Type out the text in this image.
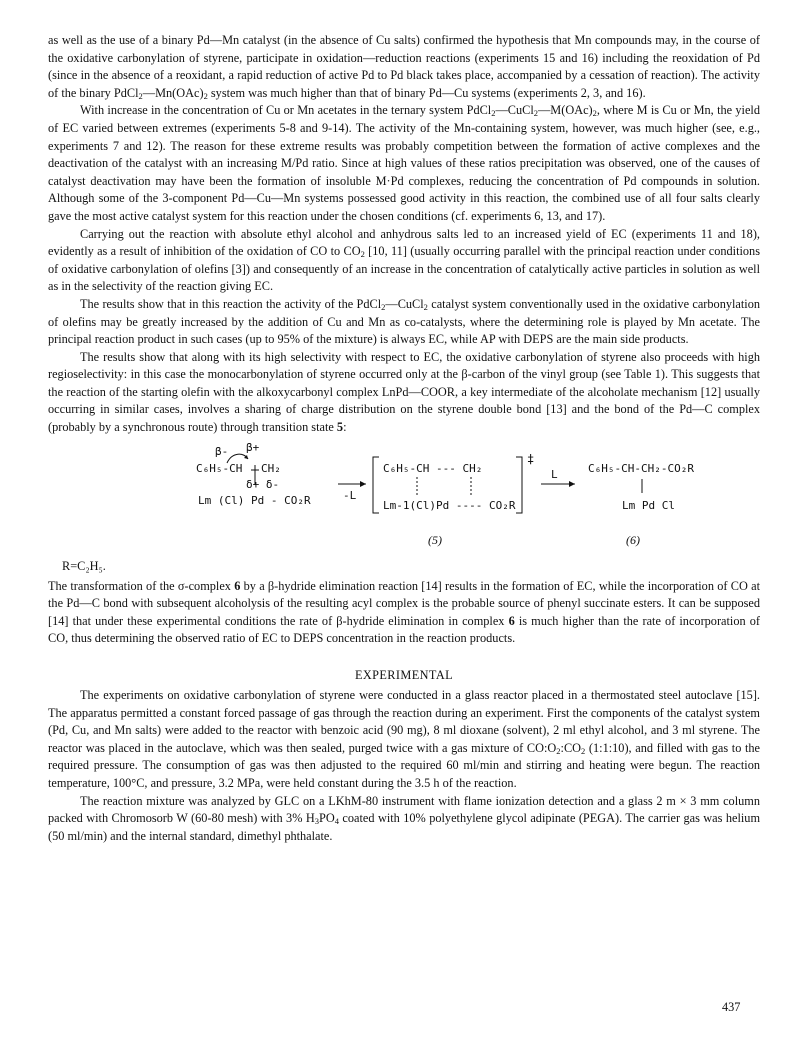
as well as the use of a binary Pd—Mn catalyst (in the absence of Cu salts) confirmed the hypothesis that Mn compounds may, in the course of the oxidative carbonylation of styrene, participate in oxidation—reduction reactions (experiments 15 and 16) including the reoxidation of Pd (since in the absence of a reoxidant, a rapid reduction of active Pd to Pd black takes place, accompanied by a cessation of reaction). The activity of the binary $PdCl_2—Mn(OAc)_2$ system was much higher than that of binary Pd—Cu systems (experiments 2, 3, and 16).

With increase in the concentration of Cu or Mn acetates in the ternary system $PdCl_2—CuCl_2—M(OAc)_2$, where M is Cu or Mn, the yield of EC varied between extremes (experiments 5-8 and 9-14). The activity of the Mn-containing system, however, was much higher (see, e.g., experiments 7 and 12). The reason for these extreme results was probably competition between the formation of active complexes and the deactivation of the catalyst with an increasing M/Pd ratio. Since at high values of these ratios precipitation was observed, one of the causes of catalyst deactivation may have been the formation of insoluble M·Pd complexes, reducing the concentration of Pd compounds in solution. Although some of the 3-component Pd—Cu—Mn systems possessed good activity in this reaction, the combined use of all four salts clearly gave the most active catalyst system for this reaction under the chosen conditions (cf. experiments 6, 13, and 17).

Carrying out the reaction with absolute ethyl alcohol and anhydrous salts led to an increased yield of EC (experiments 11 and 18), evidently as a result of inhibition of the oxidation of CO to $CO_2$ [10, 11] (usually occurring parallel with the principal reaction under conditions of oxidative carbonylation of olefins [3]) and consequently of an increase in the concentration of catalytically active particles in solution as well as in the selectivity of the reaction giving EC.

The results show that in this reaction the activity of the PdCl$_2$—CuCl$_2$ catalyst system conventionally used in the oxidative carbonylation of olefins may be greatly increased by the addition of Cu and Mn as co-catalysts, where the determining role is played by Mn acetate. The principal reaction product in such cases (up to 95% of the mixture) is always EC, while AP with DEPS are the main side products.

The results show that along with its high selectivity with respect to EC, the oxidative carbonylation of styrene also proceeds with high regioselectivity: in this case the monocarbonylation of styrene occurred only at the β-carbon of the vinyl group (see Table 1). This suggests that the reaction of the starting olefin with the alkoxycarbonyl complex LnPd—COOR, a key intermediate of the alcoholate mechanism [12] usually occurring in similar cases, involves a sharing of charge distribution on the styrene double bond [13] and the bond of the Pd—C complex (probably by a synchronous route) through transition state 5:

β- β+
C₆H₅-CH CH₂
δ+ δ-
Lm (Cl) Pd - CO₂R	-L
C₆H₅-CH --- CH₂
Lm-1(Cl)Pd ---- CO₂R
‡
(5)
L	C₆H₅-CH-CH₂-CO₂R
Lm Pd Cl
(6)
R=C₂H₅.

The transformation of the σ-complex 6 by a β-hydride elimination reaction [14] results in the formation of EC, while the incorporation of CO at the Pd—C bond with subsequent alcoholysis of the resulting acyl complex is the probable source of phenyl succinate esters. It can be supposed [14] that under these experimental conditions the rate of β-hydride elimination in complex 6 is much higher than the rate of incorporation of CO, thus determining the observed ratio of EC to DEPS concentration in the reaction products.

EXPERIMENTAL

The experiments on oxidative carbonylation of styrene were conducted in a glass reactor placed in a thermostated steel autoclave [15]. The apparatus permitted a constant forced passage of gas through the reaction during an experiment. First the components of the catalyst system (Pd, Cu, and Mn salts) were added to the reactor with benzoic acid (90 mg), 8 ml dioxane (solvent), 2 ml ethyl alcohol, and 3 ml styrene. The reactor was placed in the autoclave, which was then sealed, purged twice with a gas mixture of $CO:O_2:CO_2$ (1:1:10), and filled with gas to the required pressure. The consumption of gas was then adjusted to the required 60 ml/min and stirring and heating were begun. The reaction temperature, 100°C, and pressure, 3.2 MPa, were held constant during the 3.5 h of the reaction.

The reaction mixture was analyzed by GLC on a LKhM-80 instrument with flame ionization detection and a glass 2 m × 3 mm column packed with Chromosorb W (60-80 mesh) with 3% $H_3PO_4$ coated with 10% polyethylene glycol adipinate (PEGA). The carrier gas was helium (50 ml/min) and the internal standard, dimethyl phthalate.

437
